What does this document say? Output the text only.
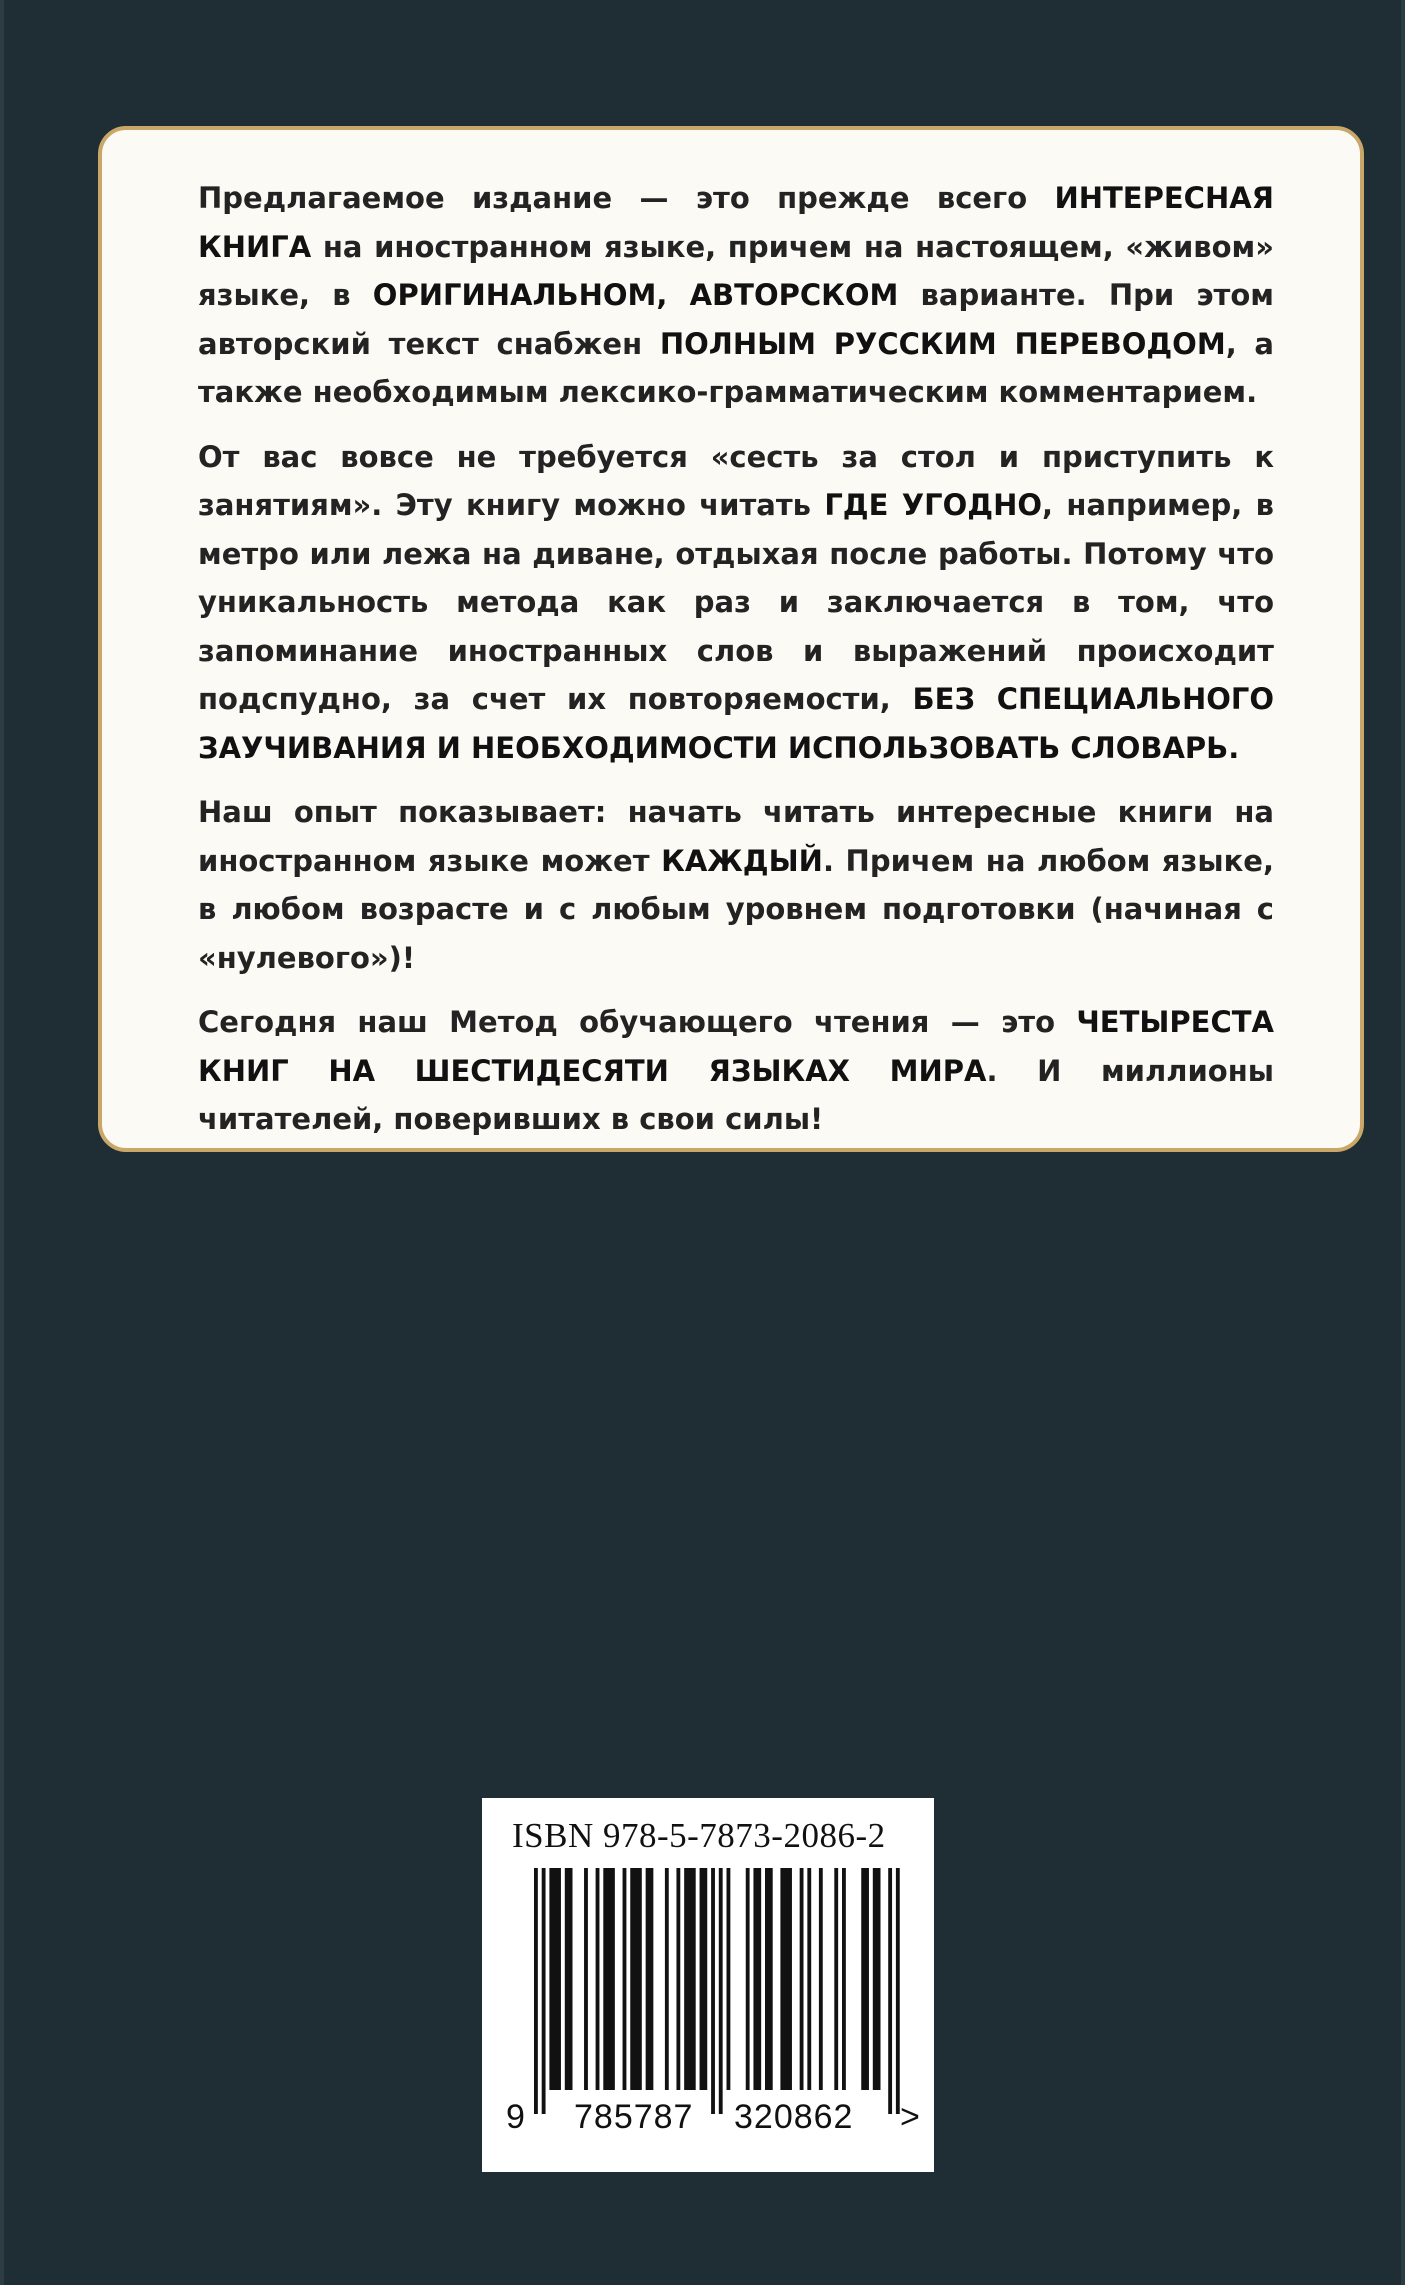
Предлагаемое издание — это прежде всего ИНТЕРЕСНАЯ КНИГА на иностранном языке, причем на настоящем, «живом» языке, в ОРИГИНАЛЬНОМ, АВТОРСКОМ варианте. При этом авторский текст снабжен ПОЛНЫМ РУССКИМ ПЕРЕВОДОМ, а также необходимым лексико-грамматическим комментарием.

От вас вовсе не требуется «сесть за стол и приступить к занятиям». Эту книгу можно читать ГДЕ УГОДНО, например, в метро или лежа на диване, отдыхая после работы. Потому что уникальность метода как раз и заключается в том, что запоминание иностранных слов и выражений происходит подспудно, за счет их повторяемости, БЕЗ СПЕЦИАЛЬНОГО ЗАУЧИВАНИЯ И НЕОБХОДИМОСТИ ИСПОЛЬЗОВАТЬ СЛОВАРЬ.

Наш опыт показывает: начать читать интересные книги на иностранном языке может КАЖДЫЙ. Причем на любом языке, в любом возрасте и с любым уровнем подготовки (начиная с «нулевого»)!

Сегодня наш Метод обучающего чтения — это ЧЕТЫРЕСТА КНИГ НА ШЕСТИДЕСЯТИ ЯЗЫКАХ МИРА. И миллионы читателей, поверивших в свои силы!

ISBN 978-5-7873-2086-2
9 785787 320862 >
